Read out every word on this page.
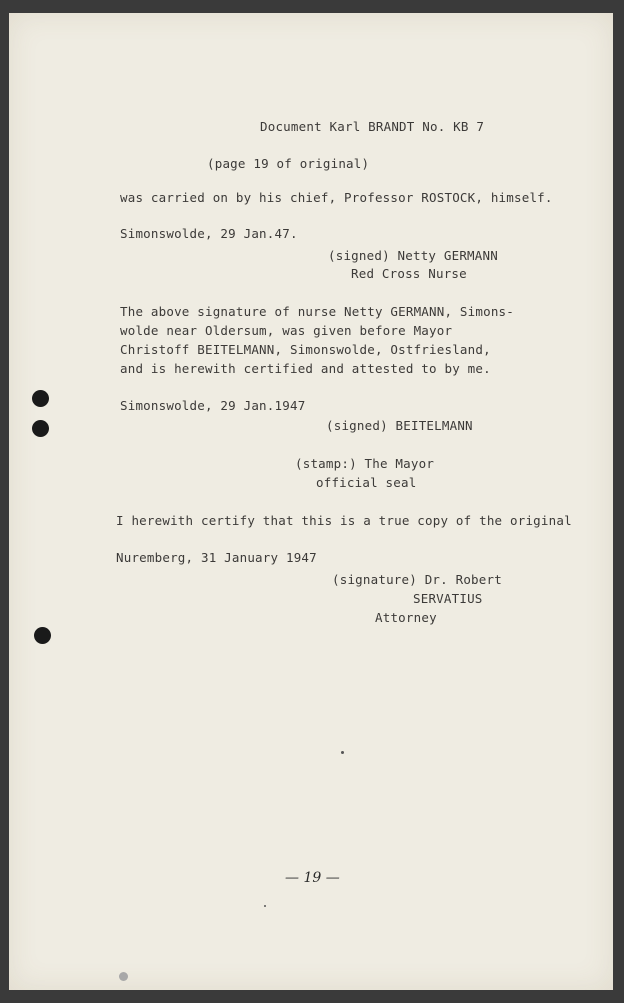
Document Karl BRANDT No. KB 7
(page 19 of original)
was carried on by his chief, Professor ROSTOCK, himself.
Simonswolde, 29 Jan.47.
(signed) Netty GERMANN
Red Cross Nurse
The above signature of nurse Netty GERMANN, Simons-
wolde near Oldersum, was given before Mayor
Christoff BEITELMANN, Simonswolde, Ostfriesland,
and is herewith certified and attested to by me.
Simonswolde, 29 Jan.1947
(signed) BEITELMANN
(stamp:) The Mayor
official seal
I herewith certify that this is a true copy of the original
Nuremberg, 31 January 1947
(signature) Dr. Robert
SERVATIUS
Attorney
— 19 —
